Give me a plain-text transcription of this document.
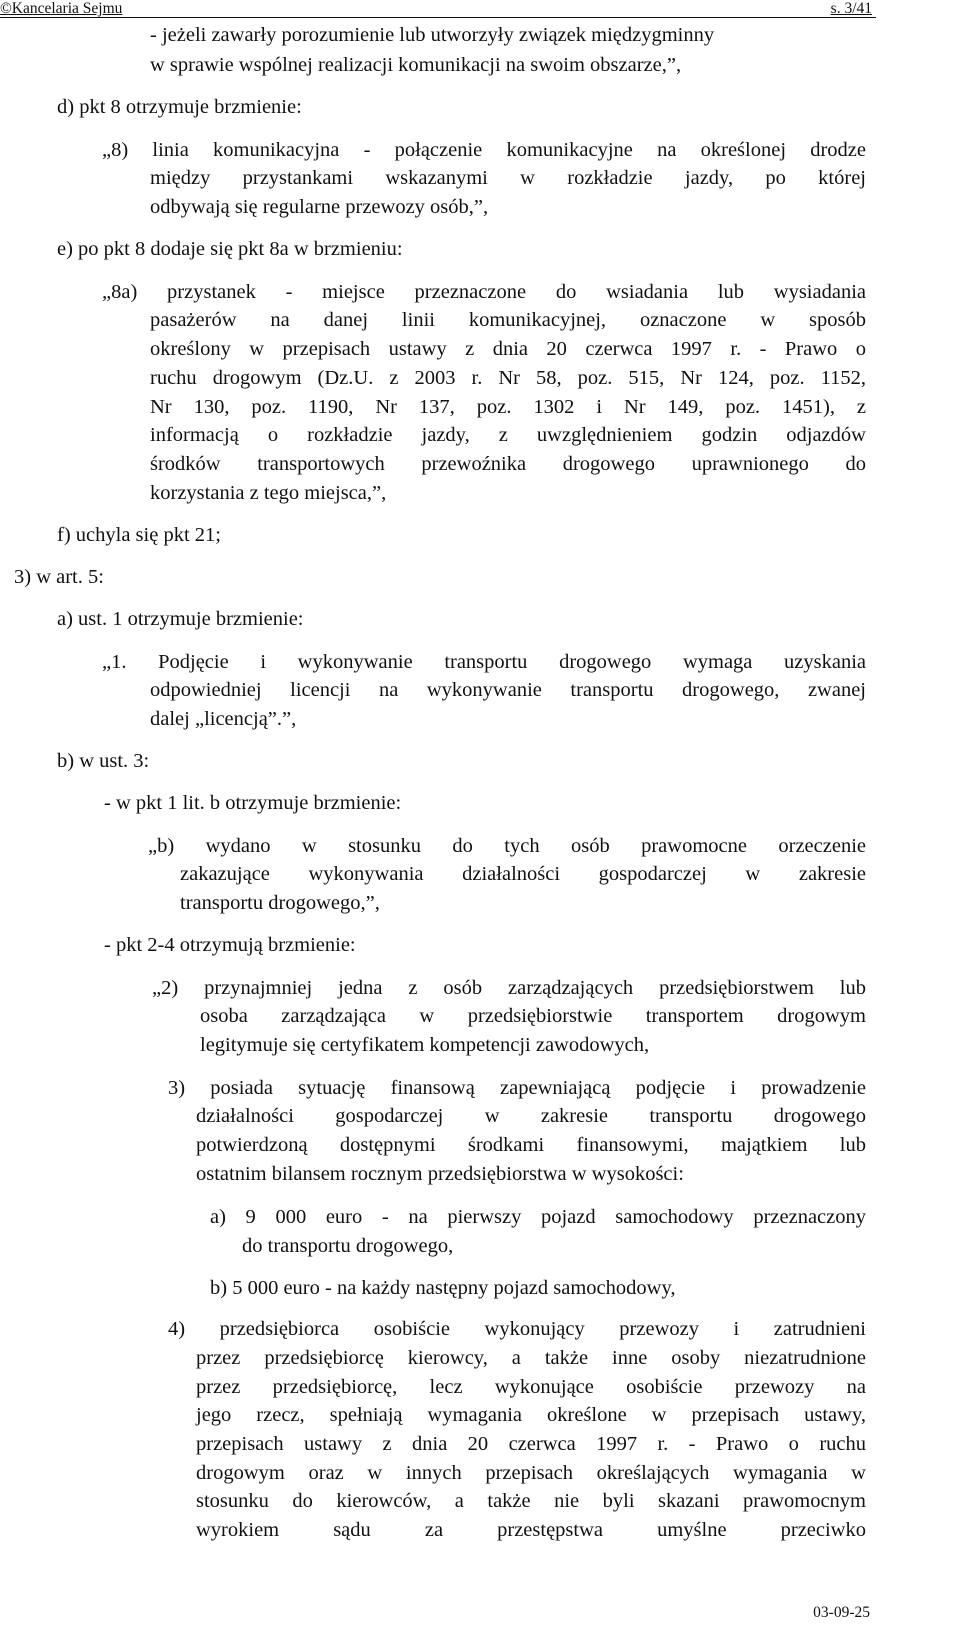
©Kancelaria Sejmu	s. 3/41
- jeżeli zawarły porozumienie lub utworzyły związek międzygminny
w sprawie wspólnej realizacji komunikacji na swoim obszarze,”,
d) pkt 8 otrzymuje brzmienie:
„8) linia komunikacyjna - połączenie komunikacyjne na określonej drodze
między przystankami wskazanymi w rozkładzie jazdy, po której
odbywają się regularne przewozy osób,”,
e) po pkt 8 dodaje się pkt 8a w brzmieniu:
„8a) przystanek - miejsce przeznaczone do wsiadania lub wysiadania
pasażerów na danej linii komunikacyjnej, oznaczone w sposób
określony w przepisach ustawy z dnia 20 czerwca 1997 r. - Prawo o
ruchu drogowym (Dz.U. z 2003 r. Nr 58, poz. 515, Nr 124, poz. 1152,
Nr 130, poz. 1190, Nr 137, poz. 1302 i Nr 149, poz. 1451), z
informacją o rozkładzie jazdy, z uwzględnieniem godzin odjazdów
środków transportowych przewoźnika drogowego uprawnionego do
korzystania z tego miejsca,”,
f) uchyla się pkt 21;
3) w art. 5:
a) ust. 1 otrzymuje brzmienie:
„1. Podjęcie i wykonywanie transportu drogowego wymaga uzyskania
odpowiedniej licencji na wykonywanie transportu drogowego, zwanej
dalej „licencją”.”,
b) w ust. 3:
- w pkt 1 lit. b otrzymuje brzmienie:
„b) wydano w stosunku do tych osób prawomocne orzeczenie
zakazujące wykonywania działalności gospodarczej w zakresie
transportu drogowego,”,
- pkt 2-4 otrzymują brzmienie:
„2) przynajmniej jedna z osób zarządzających przedsiębiorstwem lub
osoba zarządzająca w przedsiębiorstwie transportem drogowym
legitymuje się certyfikatem kompetencji zawodowych,
3) posiada sytuację finansową zapewniającą podjęcie i prowadzenie
działalności gospodarczej w zakresie transportu drogowego
potwierdzoną dostępnymi środkami finansowymi, majątkiem lub
ostatnim bilansem rocznym przedsiębiorstwa w wysokości:
a) 9 000 euro - na pierwszy pojazd samochodowy przeznaczony
do transportu drogowego,
b) 5 000 euro - na każdy następny pojazd samochodowy,
4) przedsiębiorca osobiście wykonujący przewozy i zatrudnieni
przez przedsiębiorcę kierowcy, a także inne osoby niezatrudnione
przez przedsiębiorcę, lecz wykonujące osobiście przewozy na
jego rzecz, spełniają wymagania określone w przepisach ustawy,
przepisach ustawy z dnia 20 czerwca 1997 r. - Prawo o ruchu
drogowym oraz w innych przepisach określających wymagania w
stosunku do kierowców, a także nie byli skazani prawomocnym
wyrokiem sądu za przestępstwa umyślne przeciwko
03-09-25
